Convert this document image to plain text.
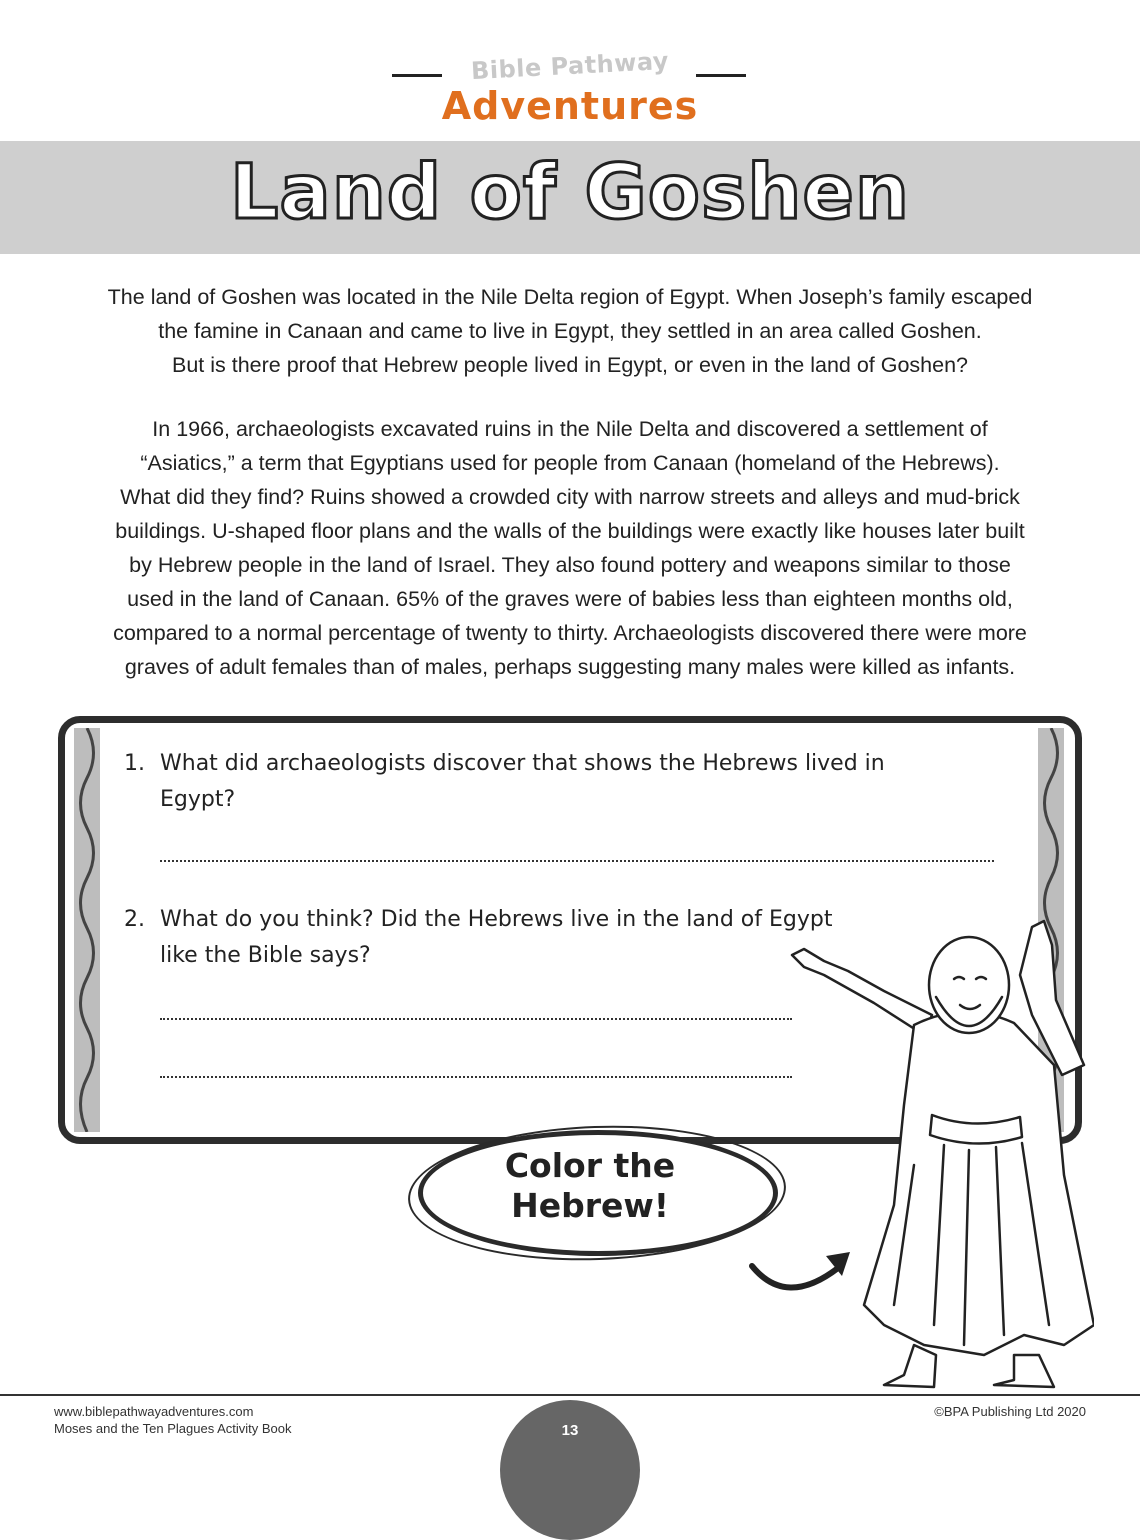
Bible Pathway
Adventures
Land of Goshen

The land of Goshen was located in the Nile Delta region of Egypt. When Joseph’s family escaped
the famine in Canaan and came to live in Egypt, they settled in an area called Goshen.
But is there proof that Hebrew people lived in Egypt, or even in the land of Goshen?

In 1966, archaeologists excavated ruins in the Nile Delta and discovered a settlement of
“Asiatics,” a term that Egyptians used for people from Canaan (homeland of the Hebrews).
What did they find? Ruins showed a crowded city with narrow streets and alleys and mud-brick
buildings. U-shaped floor plans and the walls of the buildings were exactly like houses later built
by Hebrew people in the land of Israel. They also found pottery and weapons similar to those
used in the land of Canaan. 65% of the graves were of babies less than eighteen months old,
compared to a normal percentage of twenty to thirty. Archaeologists discovered there were more
graves of adult females than of males, perhaps suggesting many males were killed as infants.

1. What did archaeologists discover that shows the Hebrews lived in
Egypt?
2. What do you think? Did the Hebrews live in the land of Egypt
like the Bible says?
Color the
Hebrew!
www.biblepathwayadventures.com
Moses and the Ten Plagues Activity Book
©BPA Publishing Ltd 2020
13
